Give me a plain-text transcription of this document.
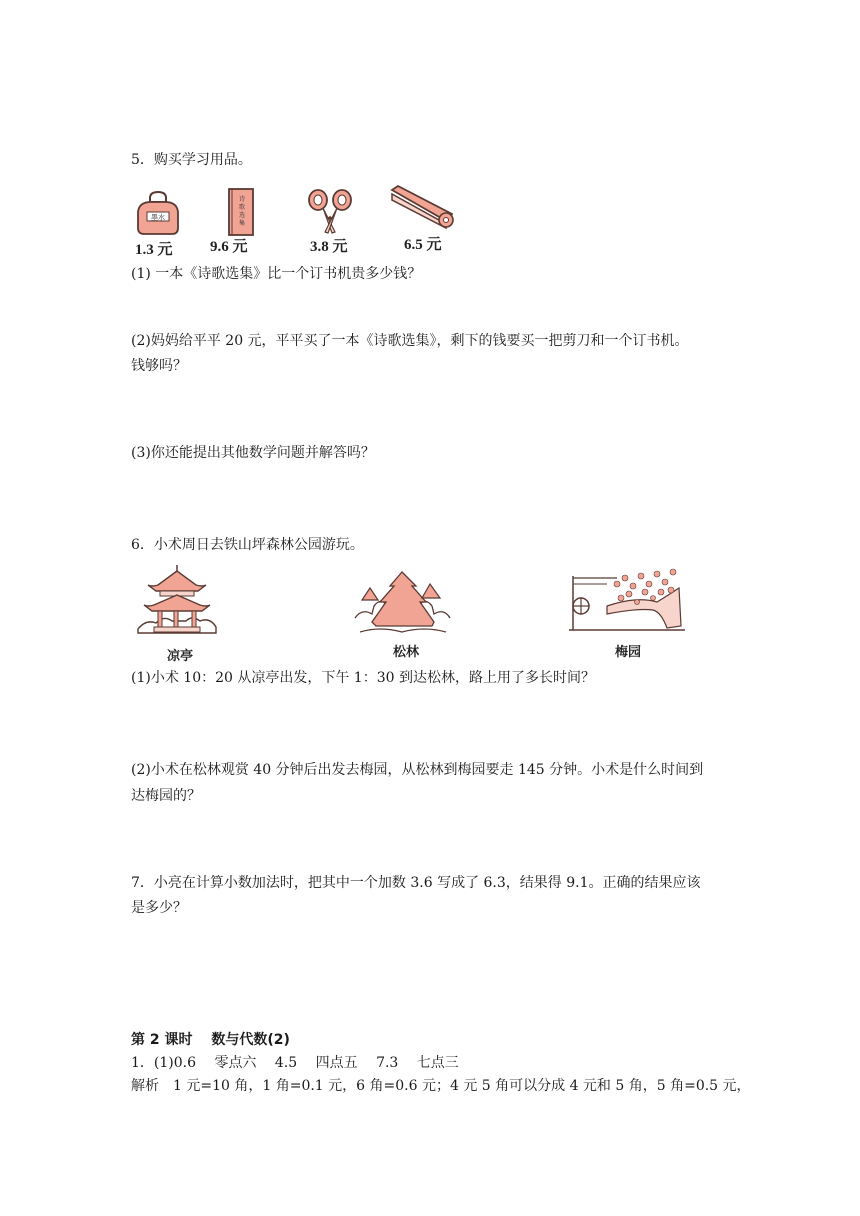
5．购买学习用品。
墨水
1.3 元
诗
歌
选
集
9.6 元	3.8 元	6.5 元
(1) 一本《诗歌选集》比一个订书机贵多少钱？
(2)妈妈给平平 20 元，平平买了一本《诗歌选集》，剩下的钱要买一把剪刀和一个订书机。
钱够吗？
(3)你还能提出其他数学问题并解答吗？
6．小术周日去铁山坪森林公园游玩。
凉亭	松林	梅园
(1)小术 10：20 从凉亭出发，下午 1：30 到达松林，路上用了多长时间？
(2)小术在松林观赏 40 分钟后出发去梅园，从松林到梅园要走 145 分钟。小术是什么时间到
达梅园的？
7．小亮在计算小数加法时，把其中一个加数 3.6 写成了 6.3，结果得 9.1。正确的结果应该
是多少？
第 2 课时　 数与代数(2)
1．(1)0.6　 零点六　 4.5　 四点五　 7.3　 七点三
解析　1 元=10 角，1 角=0.1 元，6 角=0.6 元；4 元 5 角可以分成 4 元和 5 角，5 角=0.5 元，
